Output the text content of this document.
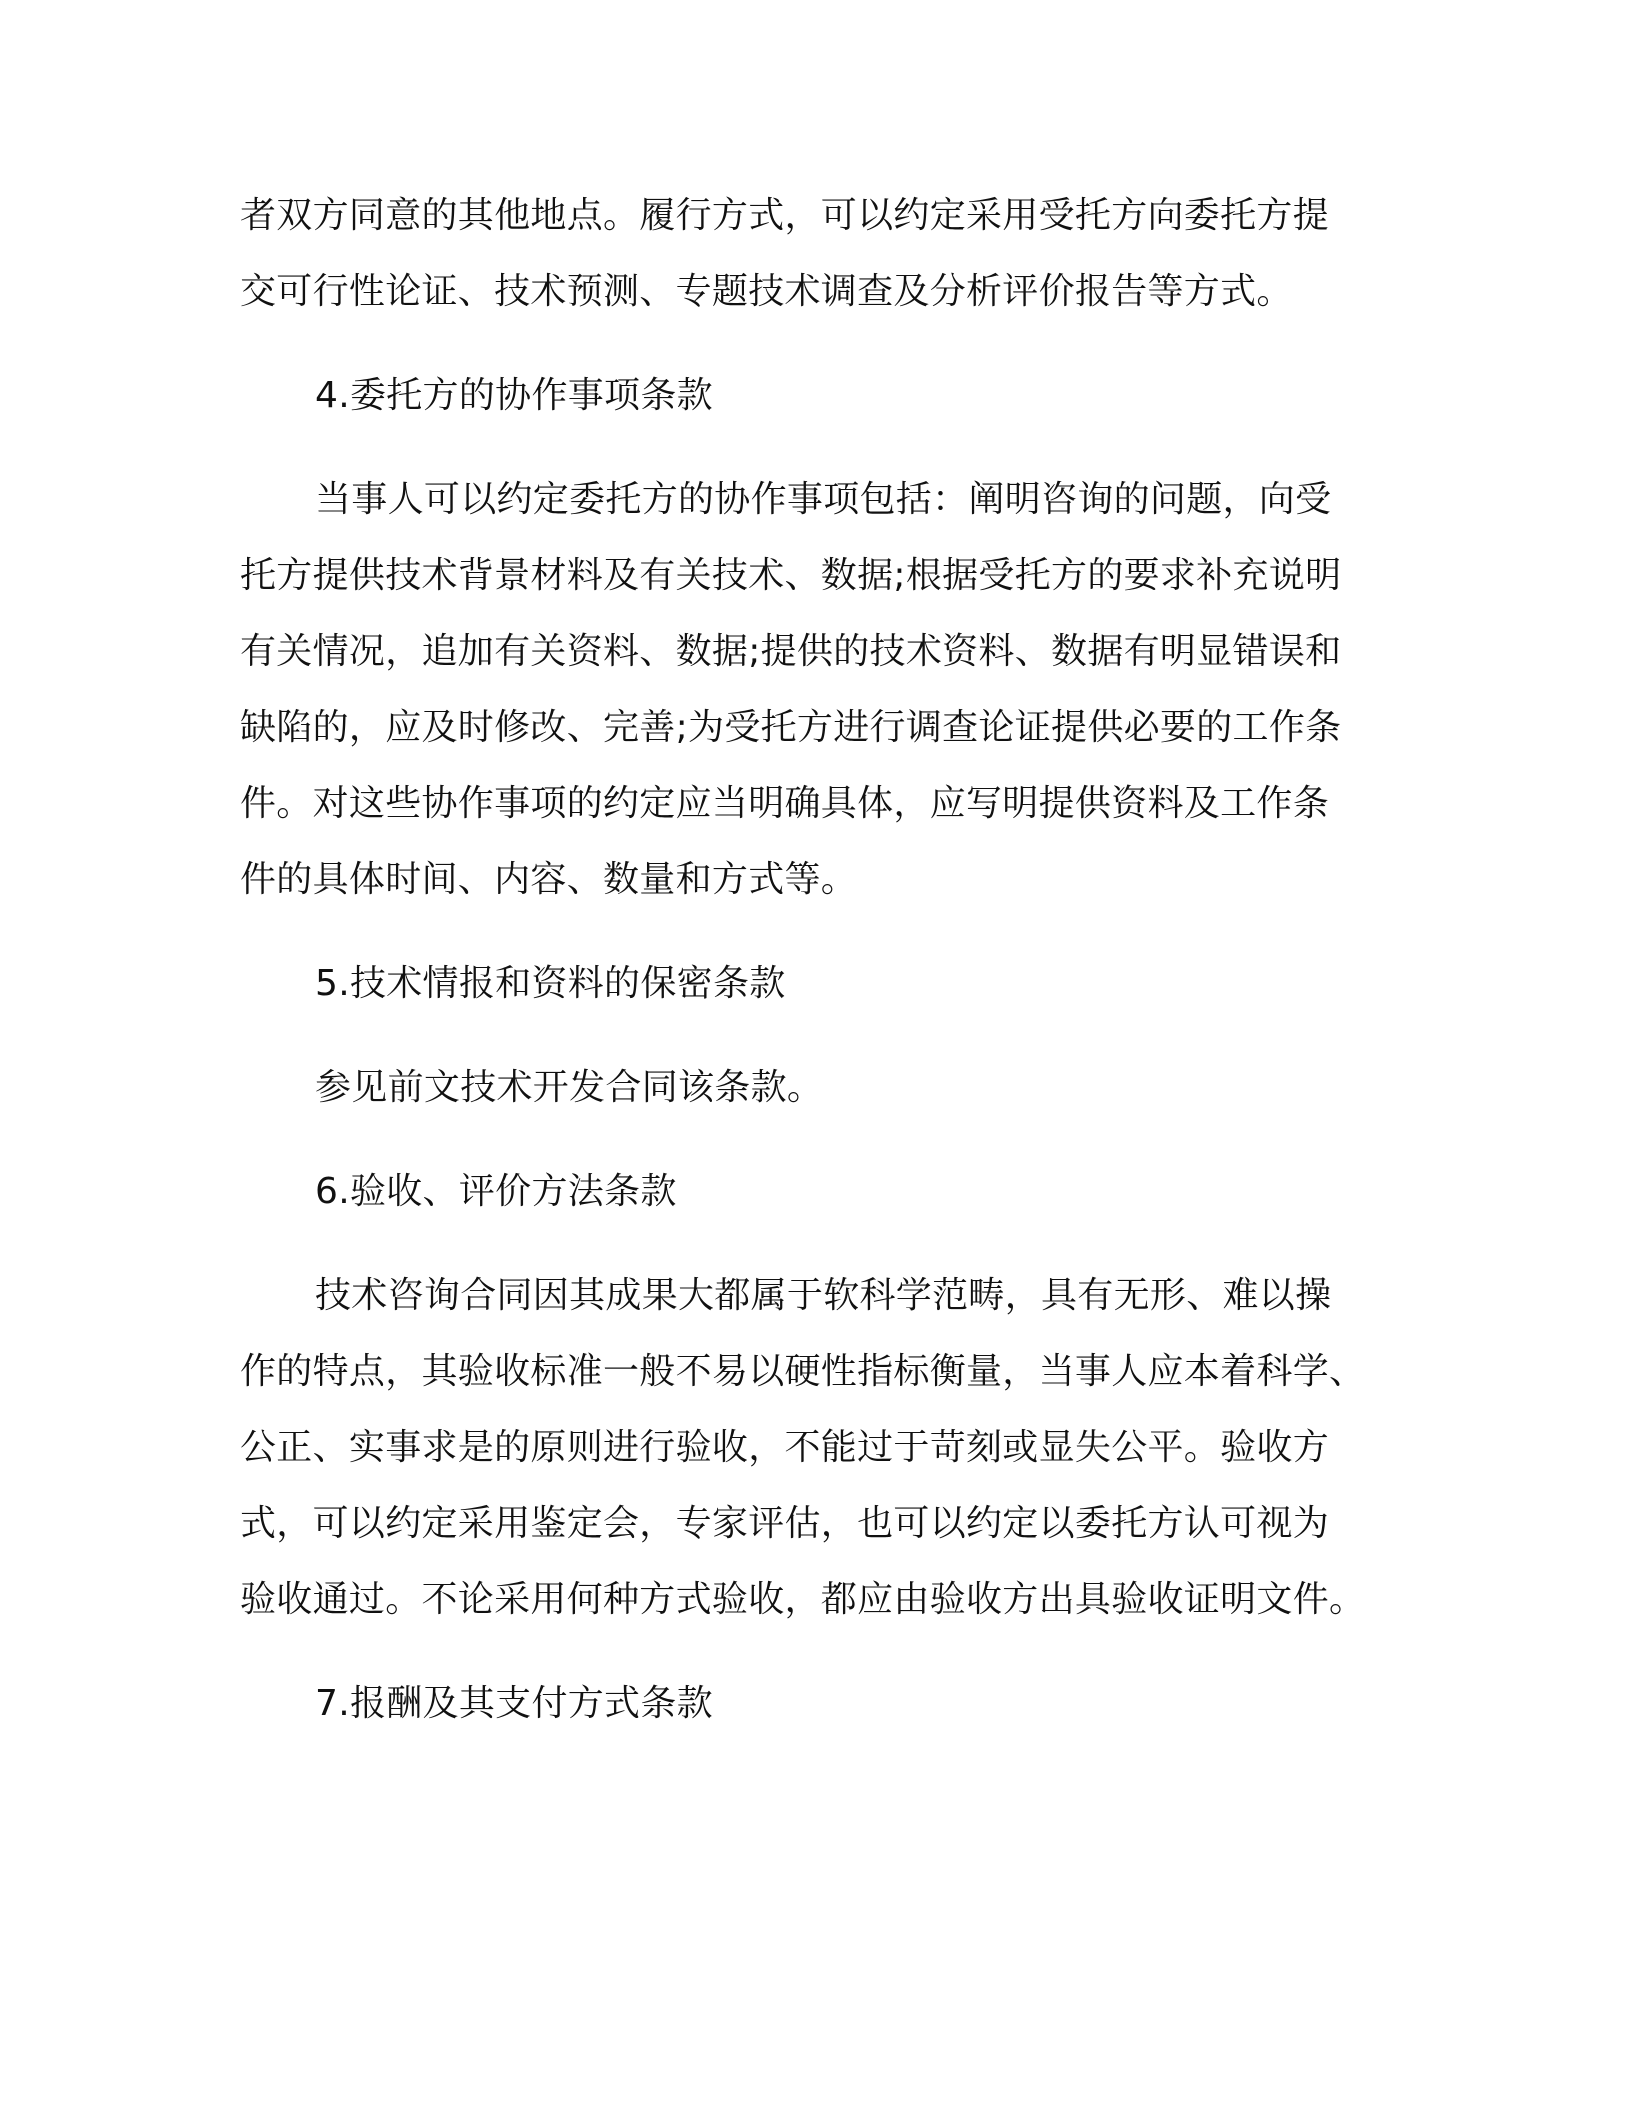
者双方同意的其他地点。履行方式，可以约定采用受托方向委托方提
交可行性论证、技术预测、专题技术调查及分析评价报告等方式。
4.委托方的协作事项条款
当事人可以约定委托方的协作事项包括：阐明咨询的问题，向受
托方提供技术背景材料及有关技术、数据;根据受托方的要求补充说明
有关情况，追加有关资料、数据;提供的技术资料、数据有明显错误和
缺陷的，应及时修改、完善;为受托方进行调查论证提供必要的工作条
件。对这些协作事项的约定应当明确具体，应写明提供资料及工作条
件的具体时间、内容、数量和方式等。
5.技术情报和资料的保密条款
参见前文技术开发合同该条款。
6.验收、评价方法条款
技术咨询合同因其成果大都属于软科学范畴，具有无形、难以操
作的特点，其验收标准一般不易以硬性指标衡量，当事人应本着科学、
公正、实事求是的原则进行验收，不能过于苛刻或显失公平。验收方
式，可以约定采用鉴定会，专家评估，也可以约定以委托方认可视为
验收通过。不论采用何种方式验收，都应由验收方出具验收证明文件。
7.报酬及其支付方式条款
